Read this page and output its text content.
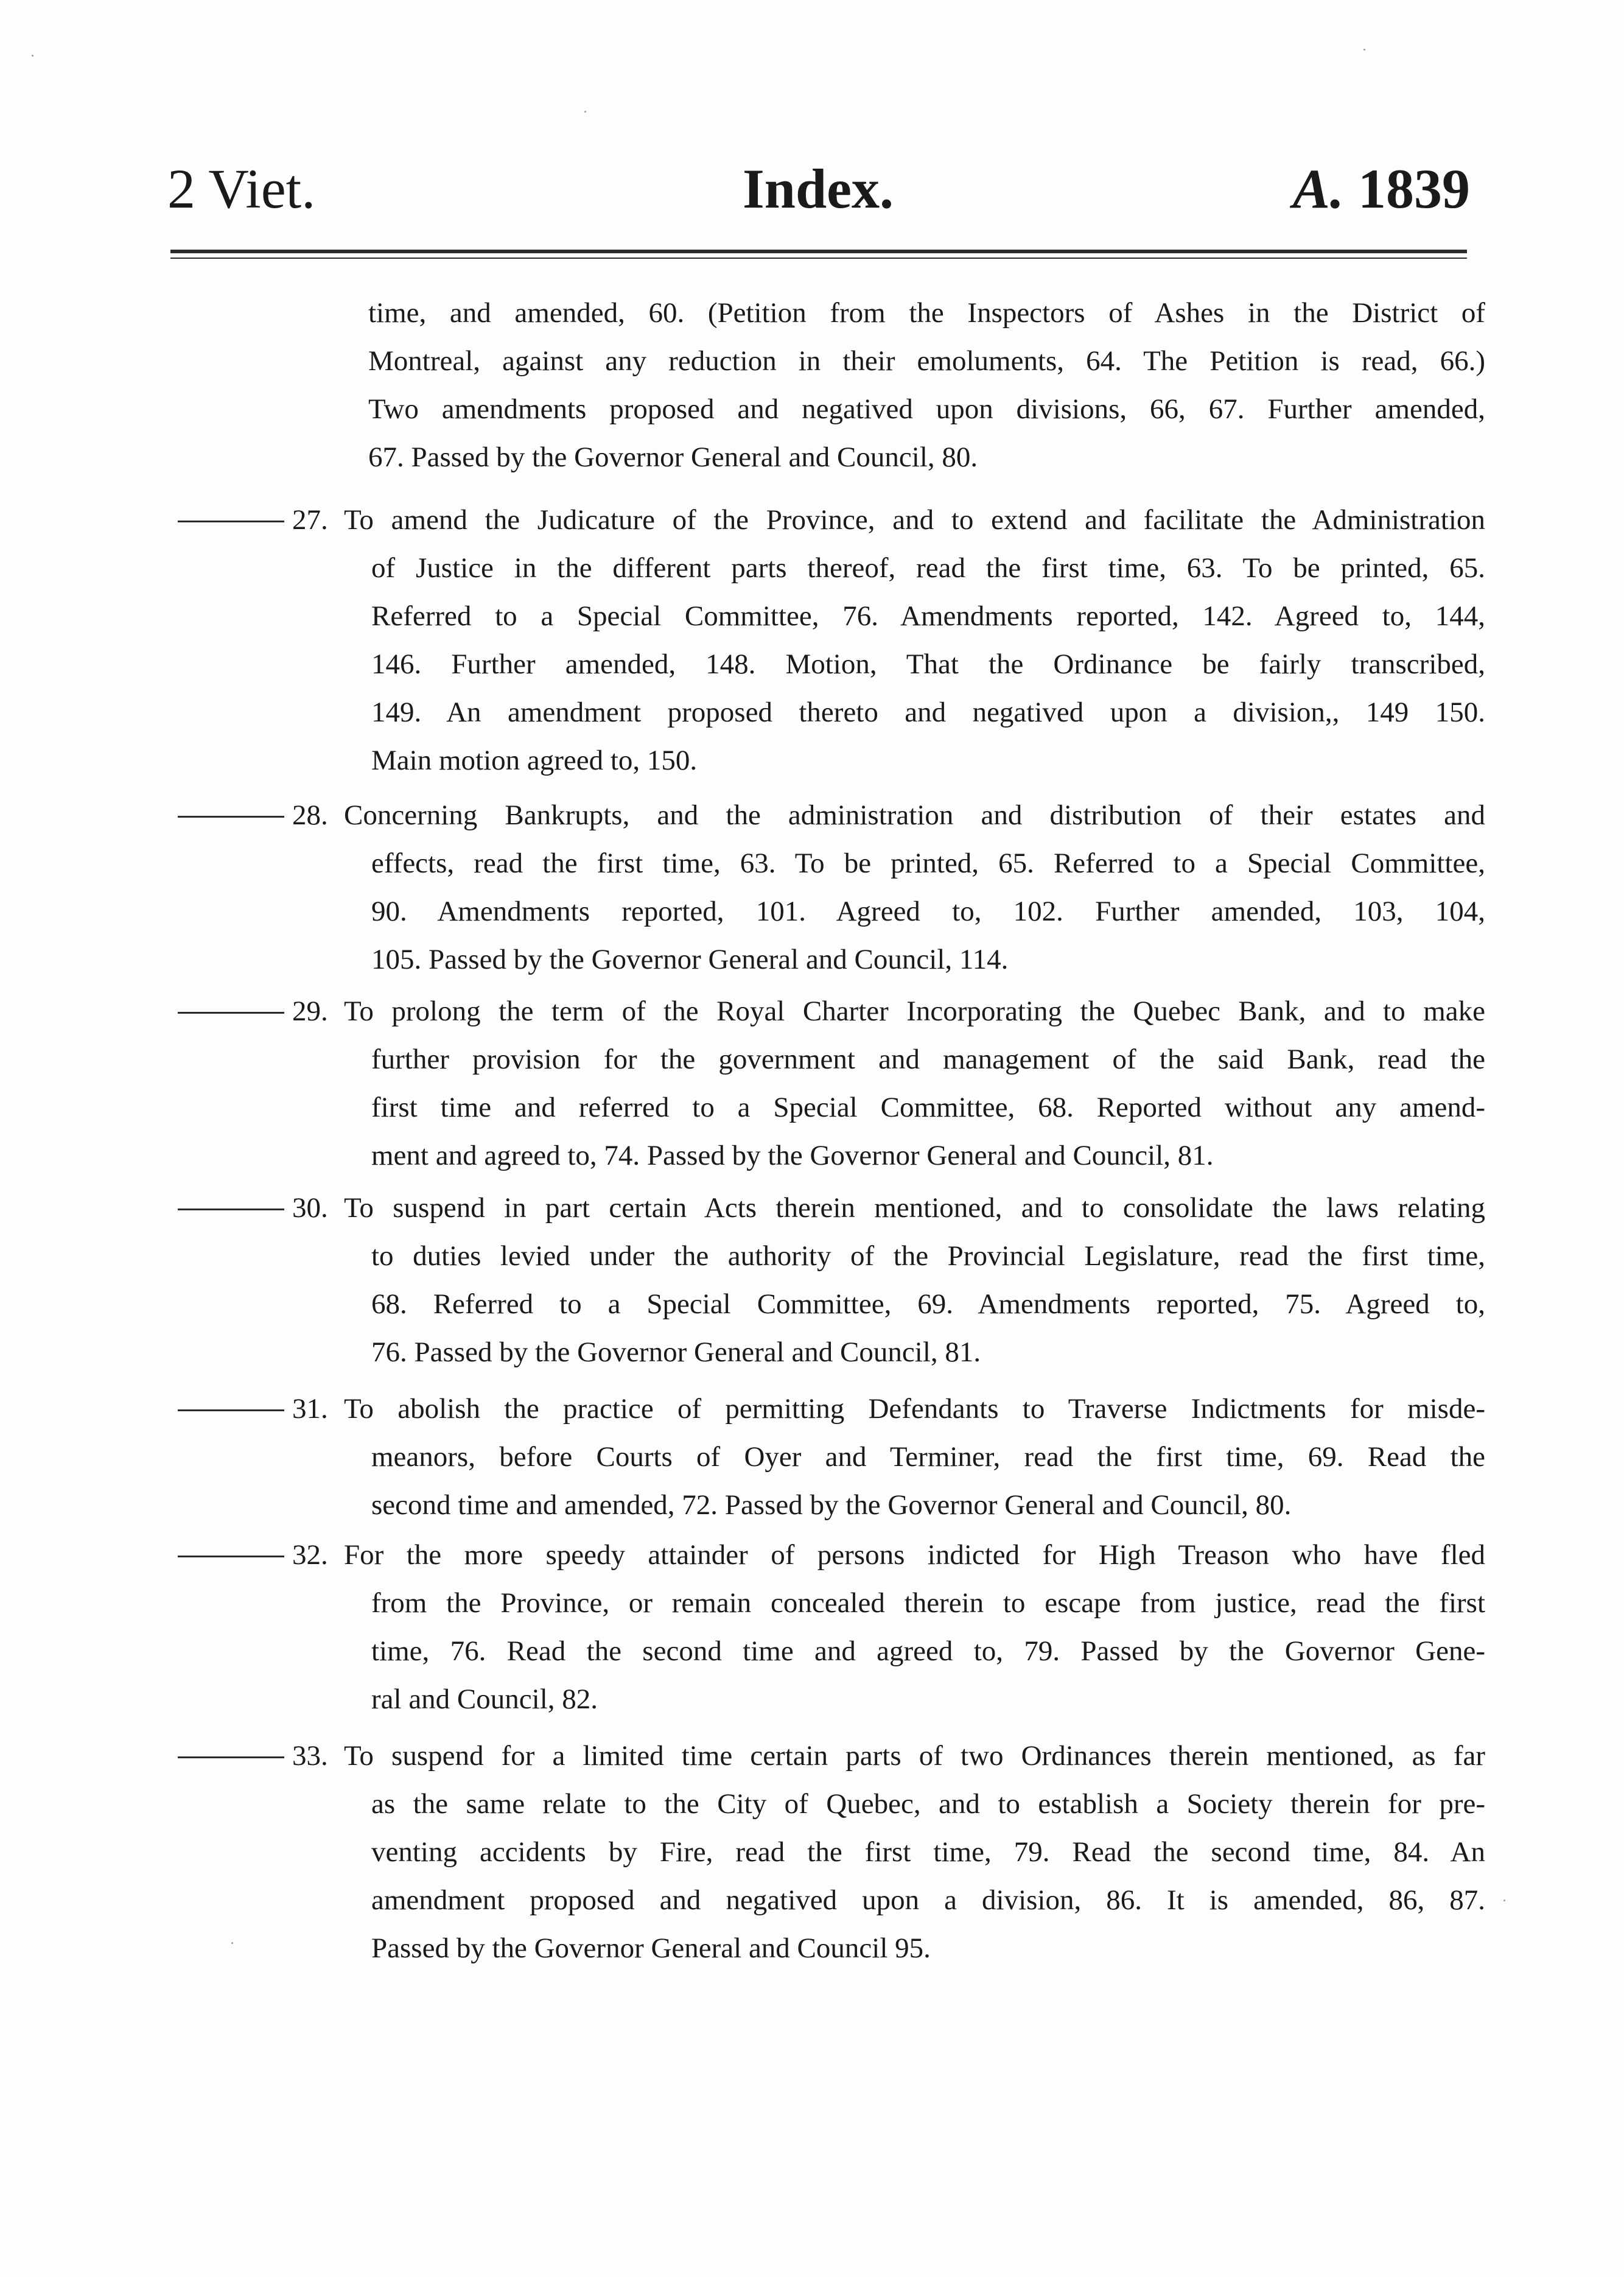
2 Viet.	Index.	A. 1839
time, and amended, 60. (Petition from the Inspectors of Ashes in the District of
Montreal, against any reduction in their emoluments, 64. The Petition is read, 66.)
Two amendments proposed and negatived upon divisions, 66, 67. Further amended,
67. Passed by the Governor General and Council, 80.
27. To amend the Judicature of the Province, and to extend and facilitate the Administration
of Justice in the different parts thereof, read the first time, 63. To be printed, 65.
Referred to a Special Committee, 76. Amendments reported, 142. Agreed to, 144,
146. Further amended, 148. Motion, That the Ordinance be fairly transcribed,
149. An amendment proposed thereto and negatived upon a division,, 149 150.
Main motion agreed to, 150.
28. Concerning Bankrupts, and the administration and distribution of their estates and
effects, read the first time, 63. To be printed, 65. Referred to a Special Committee,
90. Amendments reported, 101. Agreed to, 102. Further amended, 103, 104,
105. Passed by the Governor General and Council, 114.
29. To prolong the term of the Royal Charter Incorporating the Quebec Bank, and to make
further provision for the government and management of the said Bank, read the
first time and referred to a Special Committee, 68. Reported without any amend-
ment and agreed to, 74. Passed by the Governor General and Council, 81.
30. To suspend in part certain Acts therein mentioned, and to consolidate the laws relating
to duties levied under the authority of the Provincial Legislature, read the first time,
68. Referred to a Special Committee, 69. Amendments reported, 75. Agreed to,
76. Passed by the Governor General and Council, 81.
31. To abolish the practice of permitting Defendants to Traverse Indictments for misde-
meanors, before Courts of Oyer and Terminer, read the first time, 69. Read the
second time and amended, 72. Passed by the Governor General and Council, 80.
32. For the more speedy attainder of persons indicted for High Treason who have fled
from the Province, or remain concealed therein to escape from justice, read the first
time, 76. Read the second time and agreed to, 79. Passed by the Governor Gene-
ral and Council, 82.
33. To suspend for a limited time certain parts of two Ordinances therein mentioned, as far
as the same relate to the City of Quebec, and to establish a Society therein for pre-
venting accidents by Fire, read the first time, 79. Read the second time, 84. An
amendment proposed and negatived upon a division, 86. It is amended, 86, 87.
Passed by the Governor General and Council 95.
